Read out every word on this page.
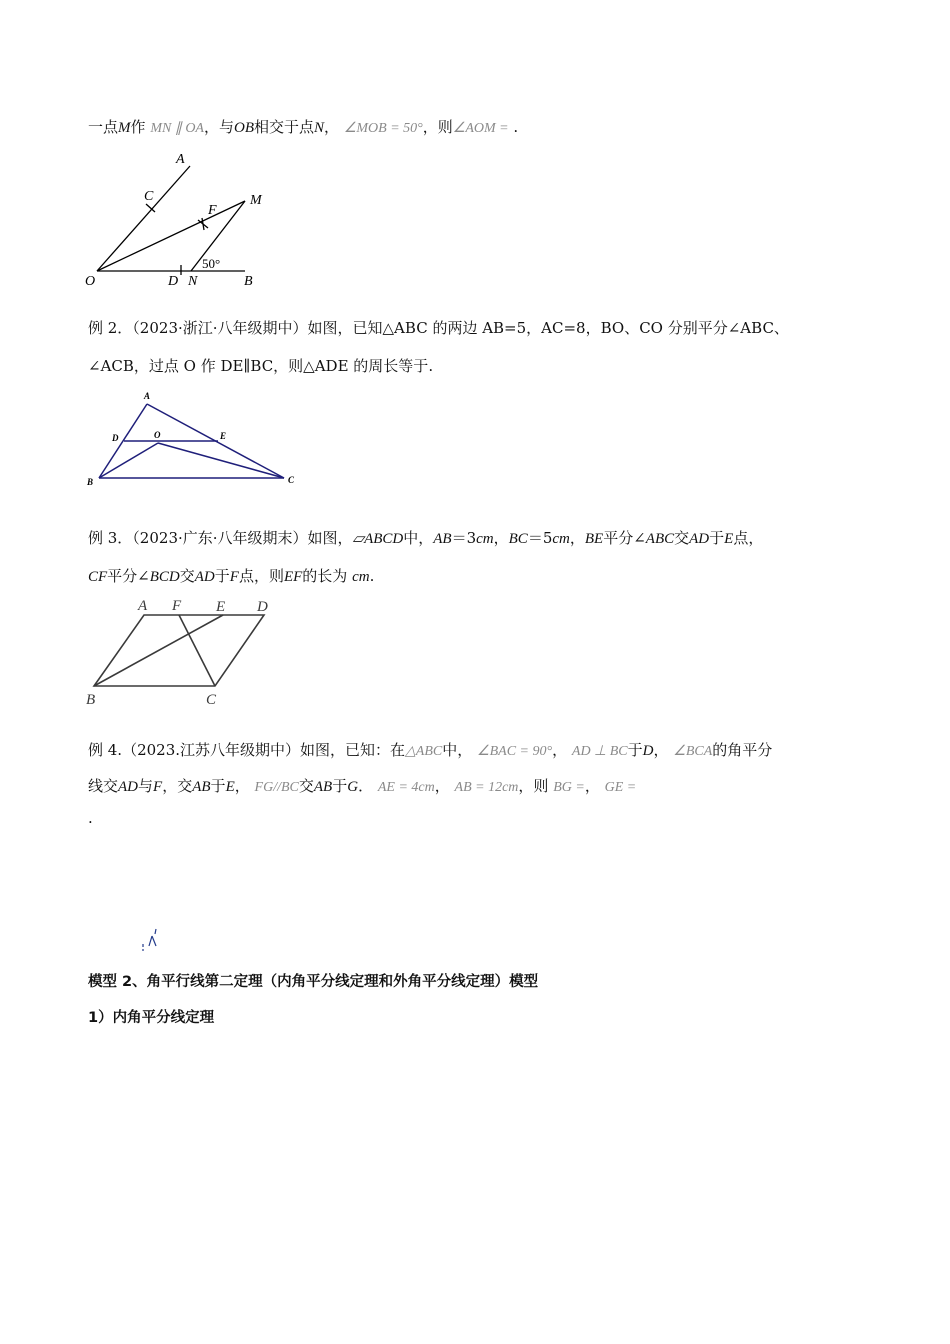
一点M作 MN ∥ OA，与OB相交于点N， ∠MOB = 50°，则∠AOM = .
A
C
F
M
O	D N	B
50°
例 2．（2023·浙江·八年级期中）如图，已知△ABC 的两边 AB=5，AC=8，BO、CO 分别平分∠ABC、
∠ACB，过点 O 作 DE∥BC，则△ADE 的周长等于.
A
D	O	E
B	C
例 3．（2023·广东·八年级期末）如图，▱ABCD中，AB＝3cm，BC＝5cm，BE平分∠ABC交AD于E点，
CF平分∠BCD交AD于F点，则EF的长为 cm.
A F E D
B	C
例 4.（2023.江苏八年级期中）如图，已知：在△ABC中， ∠BAC = 90°， AD ⊥ BC于D， ∠BCA的角平分
线交AD与F，交AB于E， FG//BC交AB于G． AE = 4cm， AB = 12cm，则 BG =， GE =
.
模型 2、角平行线第二定理（内角平分线定理和外角平分线定理）模型
1）内角平分线定理
